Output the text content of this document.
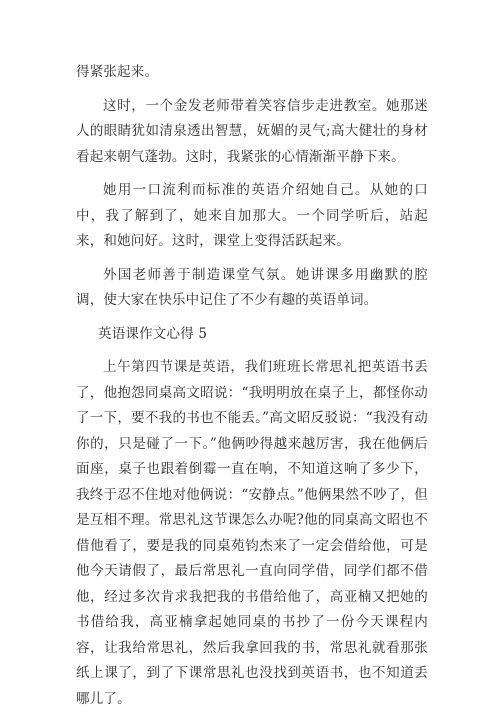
得紧张起来。

这时，一个金发老师带着笑容信步走进教室。她那迷人的眼睛犹如清泉透出智慧，妩媚的灵气;高大健壮的身材看起来朝气蓬勃。这时，我紧张的心情渐渐平静下来。

她用一口流利而标准的英语介绍她自己。从她的口中，我了解到了，她来自加那大。一个同学听后，站起来，和她问好。这时，课堂上变得活跃起来。

外国老师善于制造课堂气氛。她讲课多用幽默的腔调，使大家在快乐中记住了不少有趣的英语单词。

英语课作文心得 5

上午第四节课是英语，我们班班长常思礼把英语书丢了，他抱怨同桌高文昭说：“我明明放在桌子上，都怪你动了一下，要不我的书也不能丢。”高文昭反驳说：“我没有动你的，只是碰了一下。”他俩吵得越来越厉害，我在他俩后面座，桌子也跟着倒霉一直在响，不知道这响了多少下，我终于忍不住地对他俩说：“安静点。”他俩果然不吵了，但是互相不理。常思礼这节课怎么办呢?他的同桌高文昭也不借他看了，要是我的同桌苑钧杰来了一定会借给他，可是他今天请假了，最后常思礼一直向同学借，同学们都不借他，经过多次肯求我把我的书借给他了，高亚楠又把她的书借给我，高亚楠拿起她同桌的书抄了一份今天课程内容，让我给常思礼，然后我拿回我的书，常思礼就看那张纸上课了，到了下课常思礼也没找到英语书，也不知道丢哪儿了。
